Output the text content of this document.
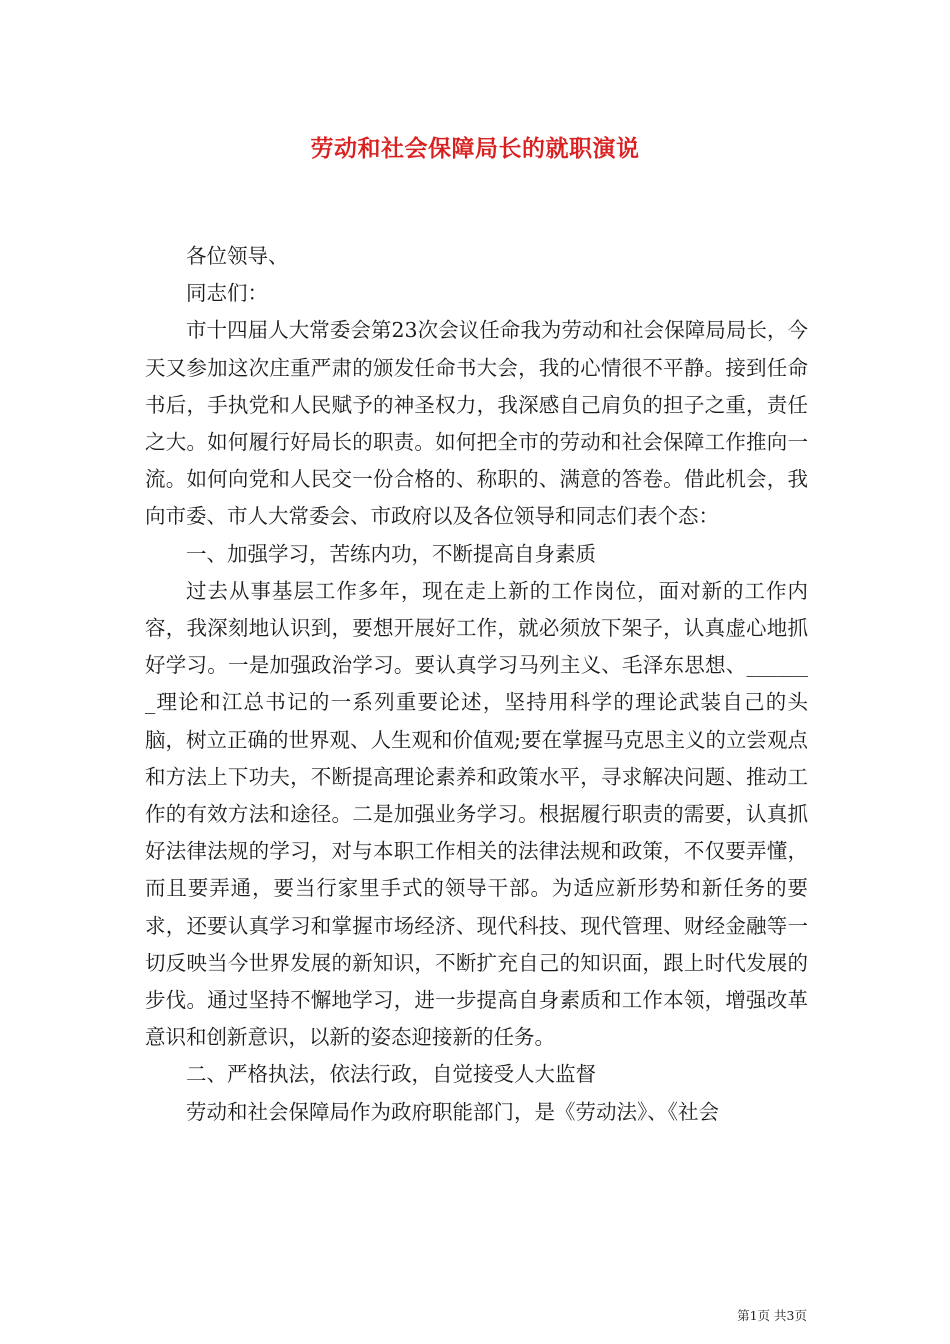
劳动和社会保障局长的就职演说

各位领导、

同志们：

市十四届人大常委会第23次会议任命我为劳动和社会保障局局长，今天又参加这次庄重严肃的颁发任命书大会，我的心情很不平静。接到任命书后，手执党和人民赋予的神圣权力，我深感自己肩负的担子之重，责任之大。如何履行好局长的职责。如何把全市的劳动和社会保障工作推向一流。如何向党和人民交一份合格的、称职的、满意的答卷。借此机会，我向市委、市人大常委会、市政府以及各位领导和同志们表个态：

一、加强学习，苦练内功，不断提高自身素质

过去从事基层工作多年，现在走上新的工作岗位，面对新的工作内容，我深刻地认识到，要想开展好工作，就必须放下架子，认真虚心地抓好学习。一是加强政治学习。要认真学习马列主义、毛泽东思想、_______理论和江总书记的一系列重要论述，坚持用科学的理论武装自己的头脑，树立正确的世界观、人生观和价值观;要在掌握马克思主义的立尝观点和方法上下功夫，不断提高理论素养和政策水平，寻求解决问题、推动工作的有效方法和途径。二是加强业务学习。根据履行职责的需要，认真抓好法律法规的学习，对与本职工作相关的法律法规和政策，不仅要弄懂，而且要弄通，要当行家里手式的领导干部。为适应新形势和新任务的要求，还要认真学习和掌握市场经济、现代科技、现代管理、财经金融等一切反映当今世界发展的新知识，不断扩充自己的知识面，跟上时代发展的步伐。通过坚持不懈地学习，进一步提高自身素质和工作本领，增强改革意识和创新意识，以新的姿态迎接新的任务。

二、严格执法，依法行政，自觉接受人大监督

劳动和社会保障局作为政府职能部门，是《劳动法》、《社会

第1页 共3页
